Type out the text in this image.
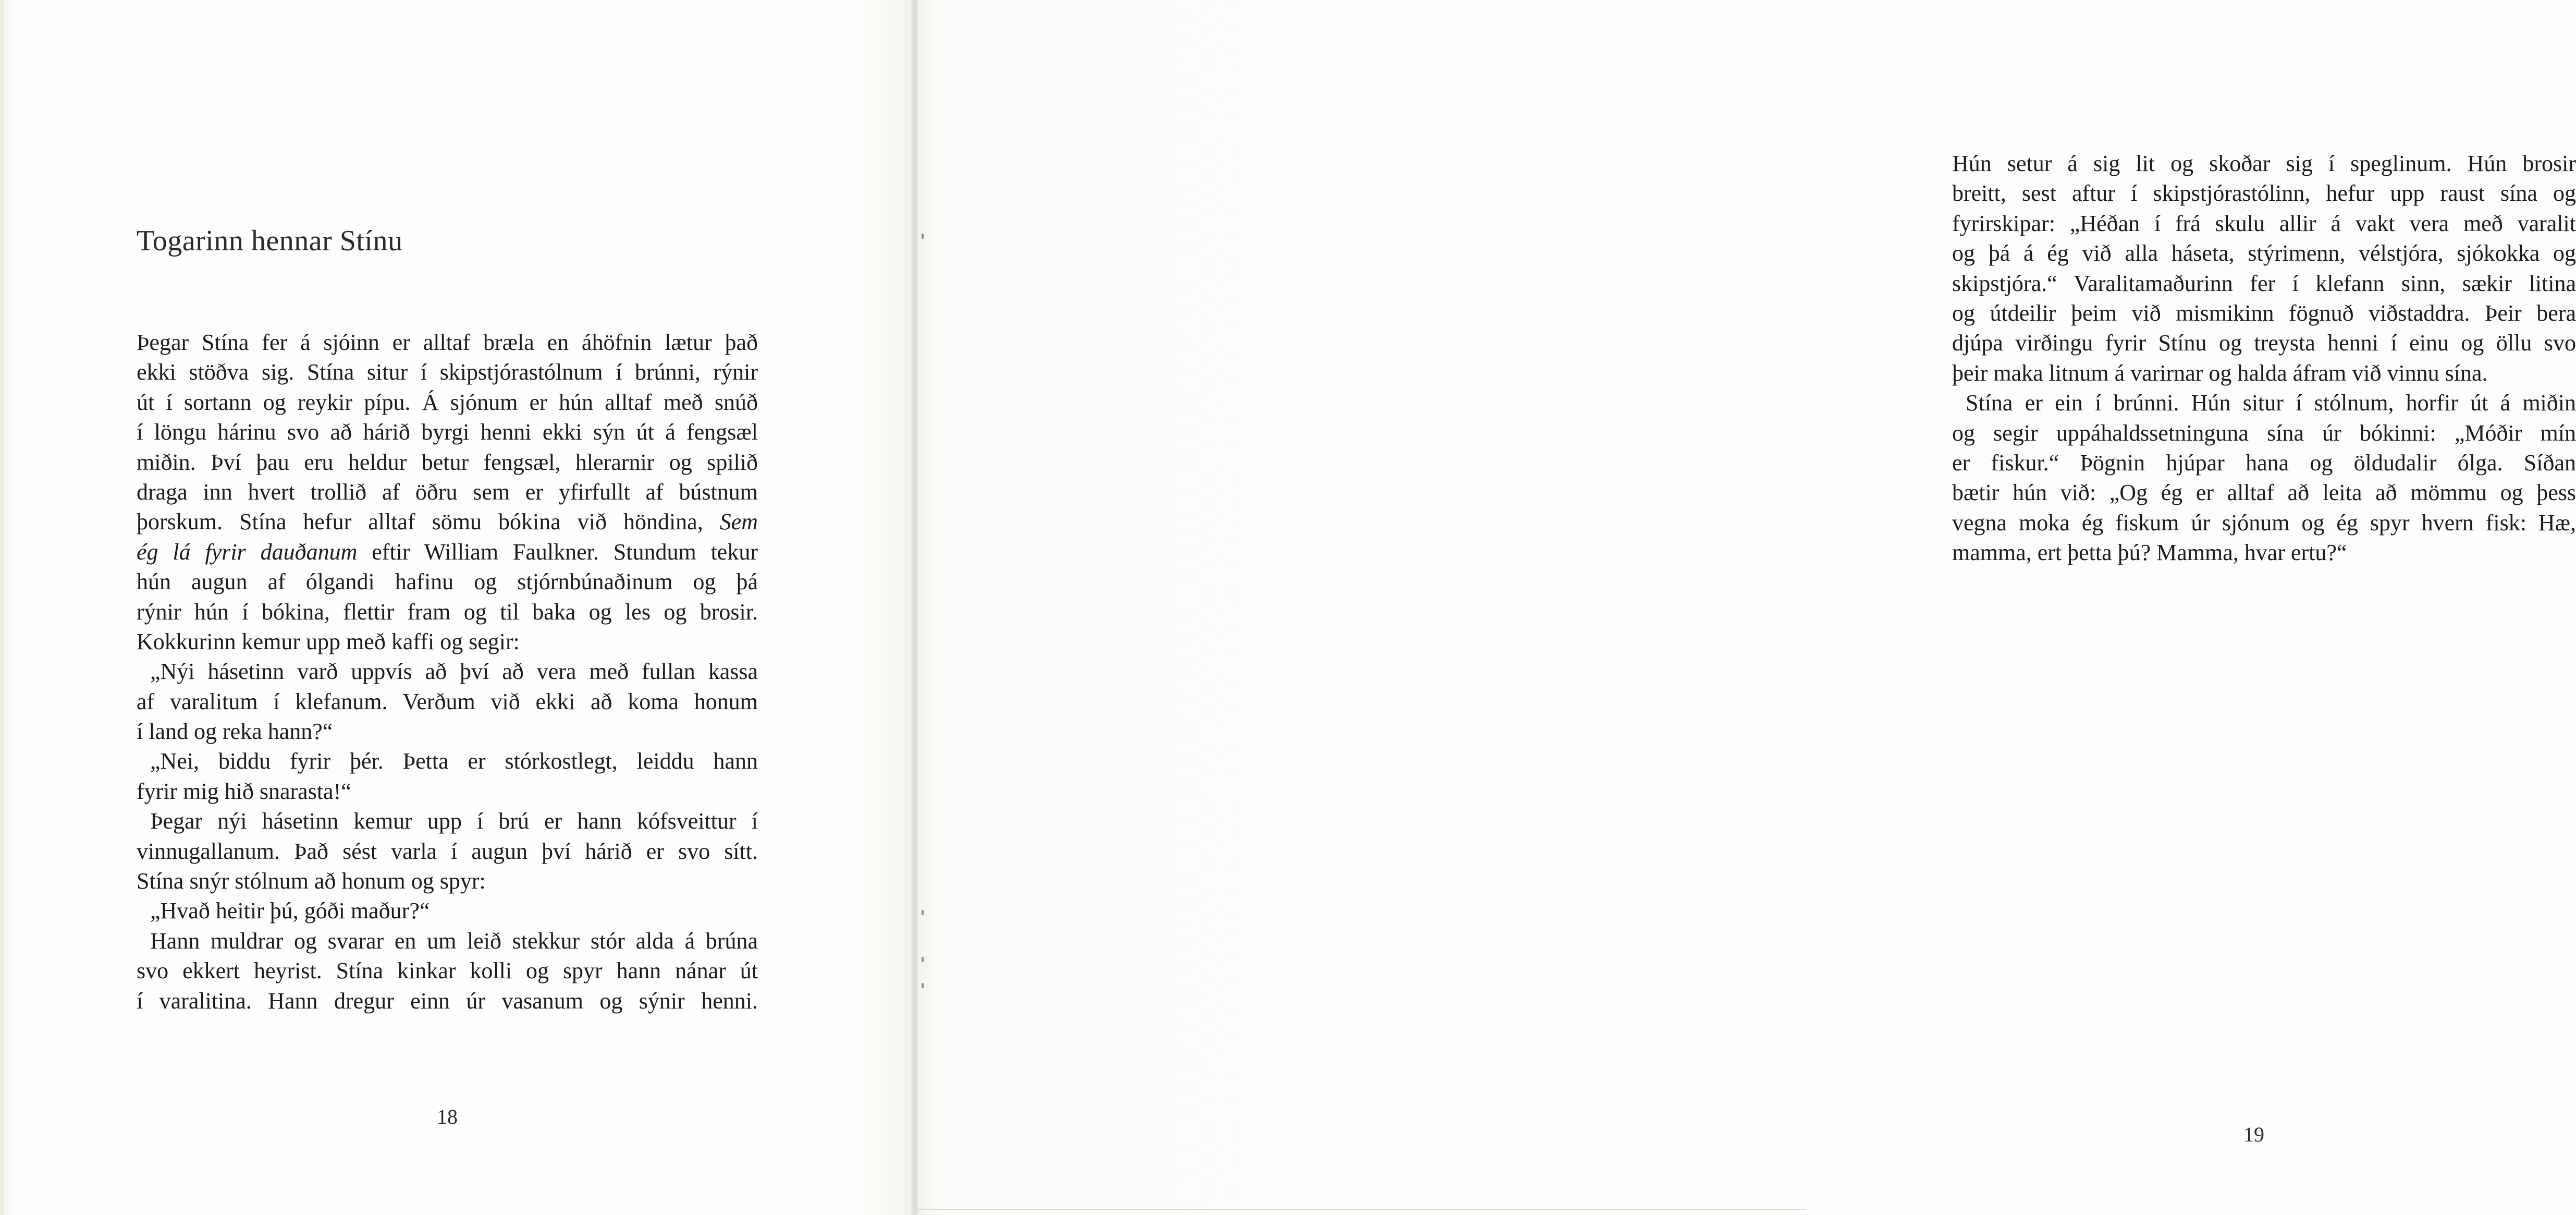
Togarinn hennar Stínu
Þegar Stína fer á sjóinn er alltaf bræla en áhöfnin lætur það
ekki stöðva sig. Stína situr í skipstjórastólnum í brúnni, rýnir
út í sortann og reykir pípu. Á sjónum er hún alltaf með snúð
í löngu hárinu svo að hárið byrgi henni ekki sýn út á fengsæl
miðin. Því þau eru heldur betur fengsæl, hlerarnir og spilið
draga inn hvert trollið af öðru sem er yfirfullt af bústnum
þorskum. Stína hefur alltaf sömu bókina við höndina, Sem
ég lá fyrir dauðanum eftir William Faulkner. Stundum tekur
hún augun af ólgandi hafinu og stjórnbúnaðinum og þá
rýnir hún í bókina, flettir fram og til baka og les og brosir.
Kokkurinn kemur upp með kaffi og segir:
„Nýi hásetinn varð uppvís að því að vera með fullan kassa
af varalitum í klefanum. Verðum við ekki að koma honum
í land og reka hann?“
„Nei, biddu fyrir þér. Þetta er stórkostlegt, leiddu hann
fyrir mig hið snarasta!“
Þegar nýi hásetinn kemur upp í brú er hann kófsveittur í
vinnugallanum. Það sést varla í augun því hárið er svo sítt.
Stína snýr stólnum að honum og spyr:
„Hvað heitir þú, góði maður?“
Hann muldrar og svarar en um leið stekkur stór alda á brúna
svo ekkert heyrist. Stína kinkar kolli og spyr hann nánar út
í varalitina. Hann dregur einn úr vasanum og sýnir henni.
18
Hún setur á sig lit og skoðar sig í speglinum. Hún brosir
breitt, sest aftur í skipstjórastólinn, hefur upp raust sína og
fyrirskipar: „Héðan í frá skulu allir á vakt vera með varalit
og þá á ég við alla háseta, stýrimenn, vélstjóra, sjókokka og
skipstjóra.“ Varalitamaðurinn fer í klefann sinn, sækir litina
og útdeilir þeim við mismikinn fögnuð viðstaddra. Þeir bera
djúpa virðingu fyrir Stínu og treysta henni í einu og öllu svo
þeir maka litnum á varirnar og halda áfram við vinnu sína.
Stína er ein í brúnni. Hún situr í stólnum, horfir út á miðin
og segir uppáhaldssetninguna sína úr bókinni: „Móðir mín
er fiskur.“ Þögnin hjúpar hana og öldudalir ólga. Síðan
bætir hún við: „Og ég er alltaf að leita að mömmu og þess
vegna moka ég fiskum úr sjónum og ég spyr hvern fisk: Hæ,
mamma, ert þetta þú? Mamma, hvar ertu?“
19
